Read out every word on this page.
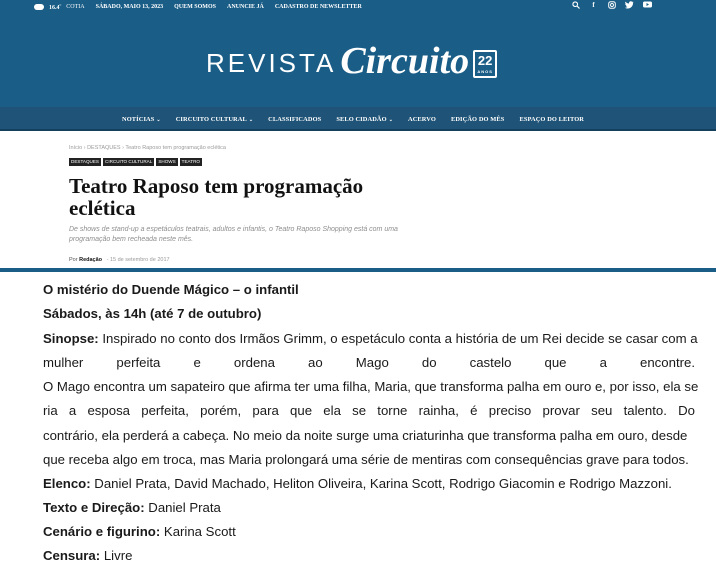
16.4$^c$ COTIA SÁBADO, MAIO 13, 2023 QUEM SOMOS ANUNCIE JÁ CADASTRO DE NEWSLETTER	f
REVISTA Circuito 22
ANOS
NOTÍCIAS ⌄ CIRCUITO CULTURAL ⌄ CLASSIFICADOS SELO CIDADÃO ⌄ ACERVO EDIÇÃO DO MÊS ESPAÇO DO LEITOR
Início › DESTAQUES › Teatro Raposo tem programação eclética
DESTAQUES	CIRCUITO CULTURAL	SHOWS	TEATRO
Teatro Raposo tem programação eclética

De shows de stand-up a espetáculos teatrais, adultos e infantis, o Teatro Raposo Shopping está com uma programação bem recheada neste mês.

Por Redação - 15 de setembro de 2017
O mistério do Duende Mágico – o infantil
Sábados, às 14h (até 7 de outubro)
Sinopse: Inspirado no conto dos Irmãos Grimm, o espetáculo conta a história de um Rei decide se casar com a
mulher perfeita e ordena ao Mago do castelo que a encontre.
O Mago encontra um sapateiro que afirma ter uma filha, Maria, que transforma palha em ouro e, por isso, ela se
ria a esposa perfeita, porém, para que ela se torne rainha, é preciso provar seu talento. Do
contrário, ela perderá a cabeça. No meio da noite surge uma criaturinha que transforma palha em ouro, desde
que receba algo em troca, mas Maria prolongará uma série de mentiras com consequências grave para todos.
Elenco: Daniel Prata, David Machado, Heliton Oliveira, Karina Scott, Rodrigo Giacomin e Rodrigo Mazzoni.
Texto e Direção: Daniel Prata
Cenário e figurino: Karina Scott
Censura: Livre
